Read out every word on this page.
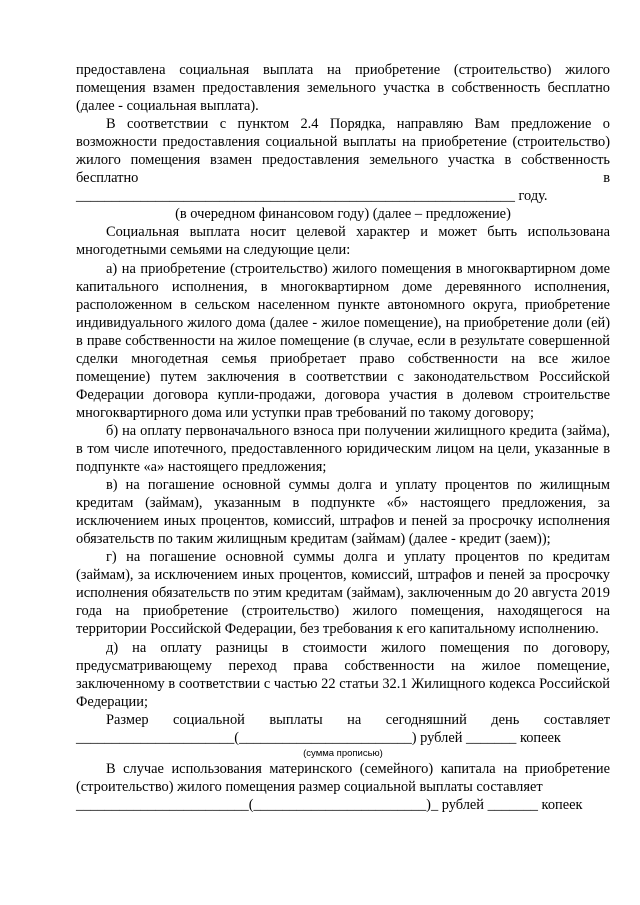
предоставлена социальная выплата на приобретение (строительство) жилого помещения взамен предоставления земельного участка в собственность бесплатно (далее - социальная выплата).

В соответствии с пунктом 2.4 Порядка, направляю Вам предложение о возможности предоставления социальной выплаты на приобретение (строительство) жилого помещения взамен предоставления земельного участка в собственность бесплатно в

_____________________________________________________________ году.

(в очередном финансовом году) (далее – предложение)

Социальная выплата носит целевой характер и может быть использована многодетными семьями на следующие цели:

а) на приобретение (строительство) жилого помещения в многоквартирном доме капитального исполнения, в многоквартирном доме деревянного исполнения, расположенном в сельском населенном пункте автономного округа, приобретение индивидуального жилого дома (далее - жилое помещение), на приобретение доли (ей) в праве собственности на жилое помещение (в случае, если в результате совершенной сделки многодетная семья приобретает право собственности на все жилое помещение) путем заключения в соответствии с законодательством Российской Федерации договора купли-продажи, договора участия в долевом строительстве многоквартирного дома или уступки прав требований по такому договору;

б) на оплату первоначального взноса при получении жилищного кредита (займа), в том числе ипотечного, предоставленного юридическим лицом на цели, указанные в подпункте «а» настоящего предложения;

в) на погашение основной суммы долга и уплату процентов по жилищным кредитам (займам), указанным в подпункте «б» настоящего предложения, за исключением иных процентов, комиссий, штрафов и пеней за просрочку исполнения обязательств по таким жилищным кредитам (займам) (далее - кредит (заем));

г) на погашение основной суммы долга и уплату процентов по кредитам (займам), за исключением иных процентов, комиссий, штрафов и пеней за просрочку исполнения обязательств по этим кредитам (займам), заключенным до 20 августа 2019 года на приобретение (строительство) жилого помещения, находящегося на территории Российской Федерации, без требования к его капитальному исполнению.

д) на оплату разницы в стоимости жилого помещения по договору, предусматривающему переход права собственности на жилое помещение, заключенному в соответствии с частью 22 статьи 32.1 Жилищного кодекса Российской Федерации;

Размер социальной выплаты на сегодняшний день составляет

______________________(________________________) рублей _______ копеек

(сумма прописью)

В случае использования материнского (семейного) капитала на приобретение (строительство) жилого помещения размер социальной выплаты составляет

________________________(________________________)_ рублей _______ копеек
